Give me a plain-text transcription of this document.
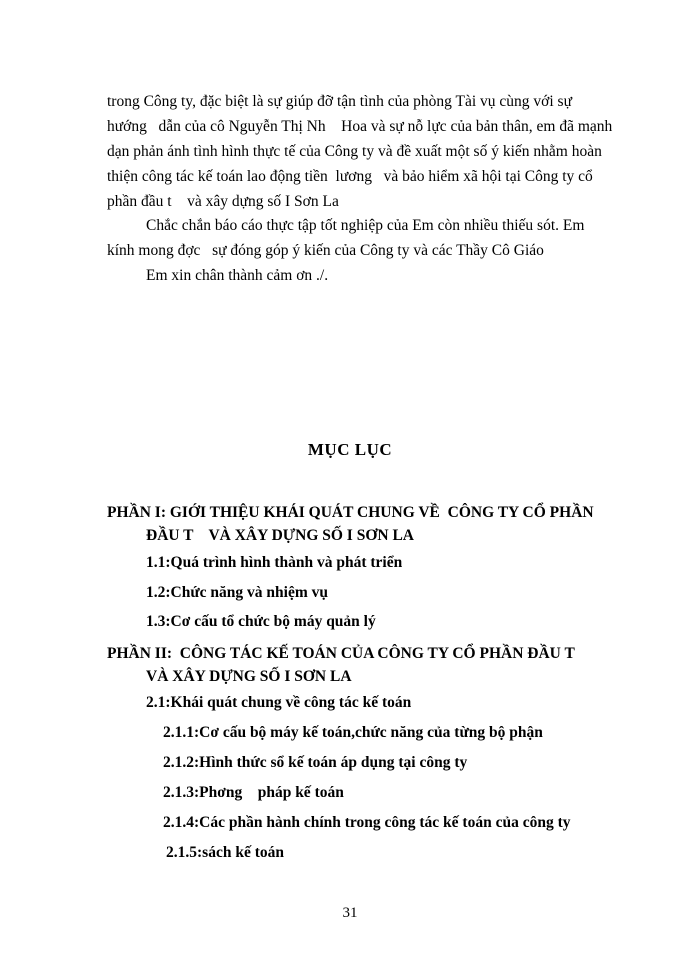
trong Công ty, đặc biệt là sự giúp đỡ tận tình của phòng Tài vụ cùng với sự
hướng   dẫn của cô Nguyễn Thị Nh    Hoa và sự nỗ lực của bản thân, em đã mạnh
dạn phản ánh tình hình thực tế của Công ty và đề xuất một số ý kiến nhằm hoàn
thiện công tác kế toán lao động tiền  lương   và bảo hiểm xã hội tại Công ty cổ
phần đầu t    và xây dựng số I Sơn La
Chắc chắn báo cáo thực tập tốt nghiệp của Em còn nhiều thiếu sót. Em
kính mong đợc   sự đóng góp ý kiến của Công ty và các Thầy Cô Giáo
Em xin chân thành cảm ơn ./.
MỤC LỤC
PHẦN I: GIỚI THIỆU KHÁI QUÁT CHUNG VỀ  CÔNG TY CỔ PHẦN
ĐẦU T    VÀ XÂY DỰNG SỐ I SƠN LA
1.1:Quá trình hình thành và phát triển
1.2:Chức năng và nhiệm vụ
1.3:Cơ cấu tổ chức bộ máy quản lý
PHẦN II:  CÔNG TÁC KẾ TOÁN CỦA CÔNG TY CỔ PHẦN ĐẦU T
VÀ XÂY DỰNG SỐ I SƠN LA
2.1:Khái quát chung về công tác kế toán
2.1.1:Cơ cấu bộ máy kế toán,chức năng của từng bộ phận
2.1.2:Hình thức sổ kế toán áp dụng tại công ty
2.1.3:Phơng    pháp kế toán
2.1.4:Các phần hành chính trong công tác kế toán của công ty
2.1.5:sách kế toán
31
